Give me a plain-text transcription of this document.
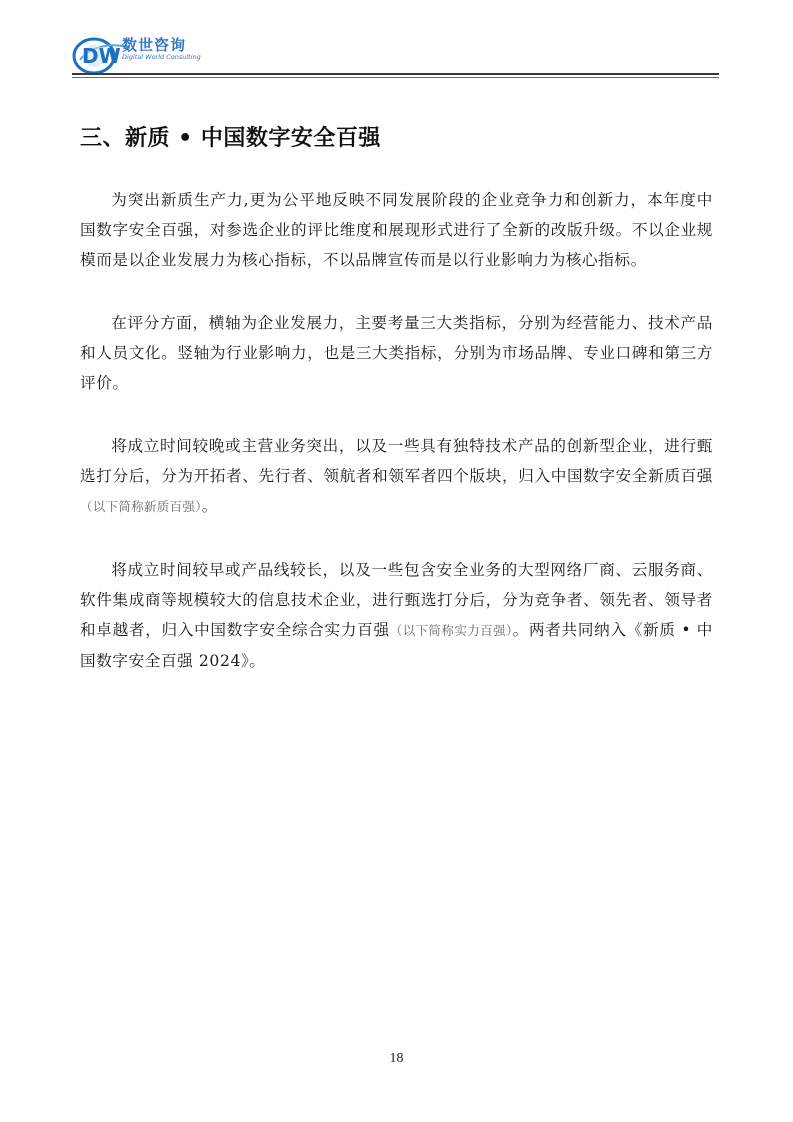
DW 数世咨询
Digital World Consulting
三、新质 • 中国数字安全百强

为突出新质生产力,更为公平地反映不同发展阶段的企业竞争力和创新力，本年度中国数字安全百强，对参选企业的评比维度和展现形式进行了全新的改版升级。不以企业规模而是以企业发展力为核心指标，不以品牌宣传而是以行业影响力为核心指标。

在评分方面，横轴为企业发展力，主要考量三大类指标，分别为经营能力、技术产品和人员文化。竖轴为行业影响力，也是三大类指标，分别为市场品牌、专业口碑和第三方评价。

将成立时间较晚或主营业务突出，以及一些具有独特技术产品的创新型企业，进行甄选打分后，分为开拓者、先行者、领航者和领军者四个版块，归入中国数字安全新质百强（以下简称新质百强）。

将成立时间较早或产品线较长，以及一些包含安全业务的大型网络厂商、云服务商、软件集成商等规模较大的信息技术企业，进行甄选打分后，分为竞争者、领先者、领导者和卓越者，归入中国数字安全综合实力百强（以下简称实力百强）。两者共同纳入《新质 • 中国数字安全百强 2024》。

18
